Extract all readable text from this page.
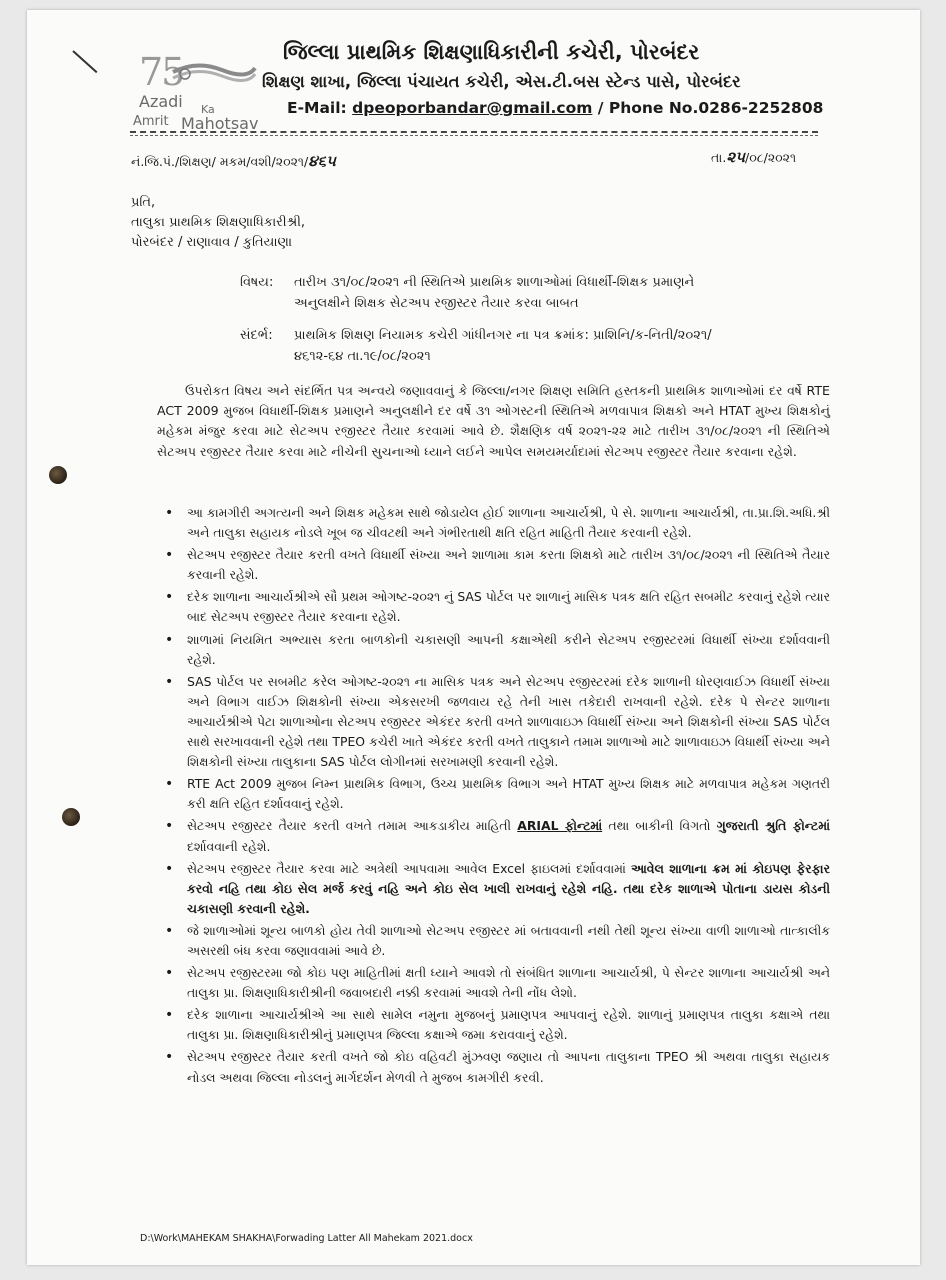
75
Azadi Ka
Amrit Mahotsav
જિલ્લા પ્રાથમિક શિક્ષણાધિકારીની કચેરી, પોરબંદર
શિક્ષણ શાખા, જિલ્લા પંચાયત કચેરી, એસ.ટી.બસ સ્ટેન્ડ પાસે, પોરબંદર
E-Mail: dpeoporbandar@gmail.com / Phone No.0286-2252808
નં.જિ.પં./શિક્ષણ/ મકમ/વશી/૨૦૨૧/૪૬૫	તા.૨૫/૦૮/૨૦૨૧
પ્રતિ,
તાલુકા પ્રાથમિક શિક્ષણાધિકારીશ્રી,
પોરબંદર / રાણાવાવ / કુતિયાણા
વિષય: તારીખ ૩૧/૦૮/૨૦૨૧ ની સ્થિતિએ પ્રાથમિક શાળાઓમાં વિધાર્થી-શિક્ષક પ્રમાણને
અનુલક્ષીને શિક્ષક સેટઅપ રજીસ્ટર તૈયાર કરવા બાબત
સંદર્ભ: પ્રાથમિક શિક્ષણ નિયામક કચેરી ગાંધીનગર ના પત્ર ક્રમાંક: પ્રાશિનિ/ક-નિતી/૨૦૨૧/
૪૬૧૨-૬૪ તા.૧૯/૦૮/૨૦૨૧
ઉપરોકત વિષય અને સંદર્ભિત પત્ર અન્વયે જણાવવાનું કે જિલ્લા/નગર શિક્ષણ સમિતિ હસ્તકની પ્રાથમિક શાળાઓમાં દર વર્ષે RTE ACT 2009 મુજબ વિધાર્થી-શિક્ષક પ્રમાણને અનુલક્ષીને દર વર્ષે ૩૧ ઓગસ્ટની સ્થિતિએ મળવાપાત્ર શિક્ષકો અને HTAT મુખ્ય શિક્ષકોનું મહેકમ મંજુર કરવા માટે સેટઅપ રજીસ્ટર તૈયાર કરવામાં આવે છે. શૈક્ષણિક વર્ષ ૨૦૨૧-૨૨ માટે તારીખ ૩૧/૦૮/૨૦૨૧ ની સ્થિતિએ સેટઅપ રજીસ્ટર તૈયાર કરવા માટે નીચેની સુચનાઓ ધ્યાને લઈને આપેલ સમયમર્યાદામાં સેટઅપ રજીસ્ટર તૈયાર કરવાના રહેશે.
• આ કામગીરી અગત્યની અને શિક્ષક મહેકમ સાથે જોડાયેલ હોઈ શાળાના આચાર્યશ્રી, પે સે. શાળાના આચાર્યશ્રી, તા.પ્રા.શિ.અધિ.શ્રી અને તાલુકા સહાયક નોડલે ખૂબ જ ચીવટથી અને ગંભીરતાથી ક્ષતિ રહિત માહિતી તૈયાર કરવાની રહેશે.
• સેટઅપ રજીસ્ટર તૈયાર કરતી વખતે વિધાર્થી સંખ્યા અને શાળામા કામ કરતા શિક્ષકો માટે તારીખ ૩૧/૦૮/૨૦૨૧ ની સ્થિતિએ તૈયાર કરવાની રહેશે.
• દરેક શાળાના આચાર્યશ્રીએ સૌ પ્રથમ ઓગષ્ટ-૨૦૨૧ નું SAS પોર્ટલ પર શાળાનું માસિક પત્રક ક્ષતિ રહિત સબમીટ કરવાનું રહેશે ત્યાર બાદ સેટઅપ રજીસ્ટર તૈયાર કરવાના રહેશે.
• શાળામાં નિયમિત અભ્યાસ કરતા બાળકોની ચકાસણી આપની કક્ષાએથી કરીને સેટઅપ રજીસ્ટરમાં વિધાર્થી સંખ્યા દર્શાવવાની રહેશે.
• SAS પોર્ટલ પર સબમીટ કરેલ ઓગષ્ટ-૨૦૨૧ ના માસિક પત્રક અને સેટઅપ રજીસ્ટરમાં દરેક શાળાની ધોરણવાઈઝ વિધાર્થી સંખ્યા અને વિભાગ વાઈઝ શિક્ષકોની સંખ્યા એકસરખી જળવાય રહે તેની ખાસ તકેદારી રાખવાની રહેશે. દરેક પે સેન્ટર શાળાના આચાર્યશ્રીએ પેટા શાળાઓના સેટઅપ રજીસ્ટર એકંદર કરતી વખતે શાળાવાઇઝ વિધાર્થી સંખ્યા અને શિક્ષકોની સંખ્યા SAS પોર્ટલ સાથે સરખાવવાની રહેશે તથા TPEO કચેરી ખાતે એકંદર કરતી વખતે તાલુકાને તમામ શાળાઓ માટે શાળાવાઇઝ વિધાર્થી સંખ્યા અને શિક્ષકોની સંખ્યા તાલુકાના SAS પોર્ટલ લોગીનમાં સરખામણી કરવાની રહેશે.
• RTE Act 2009 મુજબ નિમ્ન પ્રાથમિક વિભાગ, ઉચ્ચ પ્રાથમિક વિભાગ અને HTAT મુખ્ય શિક્ષક માટે મળવાપાત્ર મહેકમ ગણતરી કરી ક્ષતિ રહિત દર્શાવવાનું રહેશે.
• સેટઅપ રજીસ્ટર તૈયાર કરતી વખતે તમામ આકડાકીય માહિતી ARIAL ફોન્ટમાં તથા બાકીની વિગતો ગુજરાતી શ્રુતિ ફોન્ટમાં દર્શાવવાની રહેશે.
• સેટઅપ રજીસ્ટર તૈયાર કરવા માટે અત્રેથી આપવામા આવેલ Excel ફાઇલમાં દર્શાવવામાં આવેલ શાળાના ક્રમ માં કોઇપણ ફેરફાર કરવો નહિ તથા કોઇ સેલ મર્જ કરવું નહિ અને કોઇ સેલ ખાલી રાખવાનું રહેશે નહિ. તથા દરેક શાળાએ પોતાના ડાયસ કોડની ચકાસણી કરવાની રહેશે.
• જે શાળાઓમાં શૂન્ય બાળકો હોય તેવી શાળાઓ સેટઅપ રજીસ્ટર માં બતાવવાની નથી તેથી શૂન્ય સંખ્યા વાળી શાળાઓ તાત્કાલીક અસરથી બંધ કરવા જણાવવામાં આવે છે.
• સેટઅપ રજીસ્ટરમા જો કોઇ પણ માહિતીમાં ક્ષતી ધ્યાને આવશે તો સંબંધિત શાળાના આચાર્યશ્રી, પે સેન્ટર શાળાના આચાર્યશ્રી અને તાલુકા પ્રા. શિક્ષણાધિકારીશ્રીની જવાબદારી નક્કી કરવામાં આવશે તેની નોંધ લેશો.
• દરેક શાળાના આચાર્યશ્રીએ આ સાથે સામેલ નમુના મુજબનું પ્રમાણપત્ર આપવાનું રહેશે. શાળાનું પ્રમાણપત્ર તાલુકા કક્ષાએ તથા તાલુકા પ્રા. શિક્ષણાધિકારીશ્રીનું પ્રમાણપત્ર જિલ્લા કક્ષાએ જમા કરાવવાનું રહેશે.
• સેટઅપ રજીસ્ટર તૈયાર કરતી વખતે જો કોઇ વહિવટી મુંઝવણ જણાય તો આપના તાલુકાના TPEO શ્રી અથવા તાલુકા સહાયક નોડલ અથવા જિલ્લા નોડલનું માર્ગદર્શન મેળવી તે મુજબ કામગીરી કરવી.
D:\Work\MAHEKAM SHAKHA\Forwading Latter All Mahekam 2021.docx
